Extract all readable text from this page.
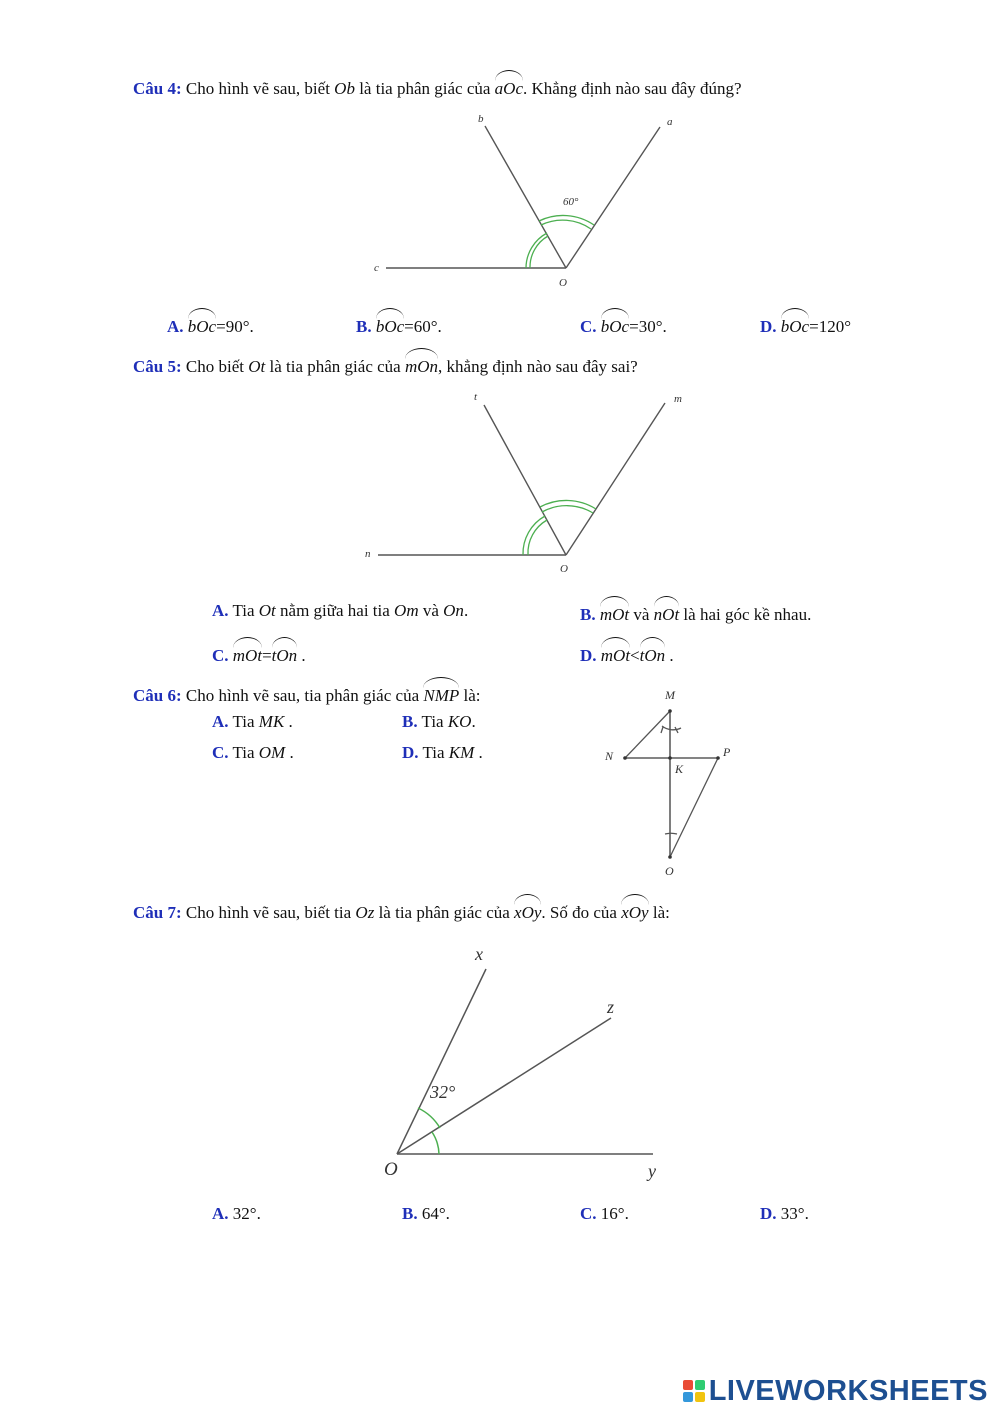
Câu 4: Cho hình vẽ sau, biết Ob là tia phân giác của
aOc. Khẳng định nào sau đây đúng?
b	a
c
O
60°
A. bOc=90°.	B. bOc=60°.	C. bOc=30°.	D. bOc=120°
Câu 5: Cho biết Ot là tia phân giác của
mOn, khẳng định nào sau đây sai?
t	m
n
O
A. Tia Ot nằm giữa hai tia Om và On.	B. mOt và
nOt là hai góc kề nhau.
C. mOt=
tOn .	D. mOt<
tOn .
Câu 6: Cho hình vẽ sau, tia phân giác của
NMP là:
A. Tia MK .	B. Tia KO.
C. Tia OM .	D. Tia KM .
M
N	P
K
O
Câu 7: Cho hình vẽ sau, biết tia Oz là tia phân giác của
xOy. Số đo của
xOy là:
x
z
y
O
32°
A. 32°.	B. 64°.	C. 16°.	D. 33°.
LIVEWORKSHEETS
